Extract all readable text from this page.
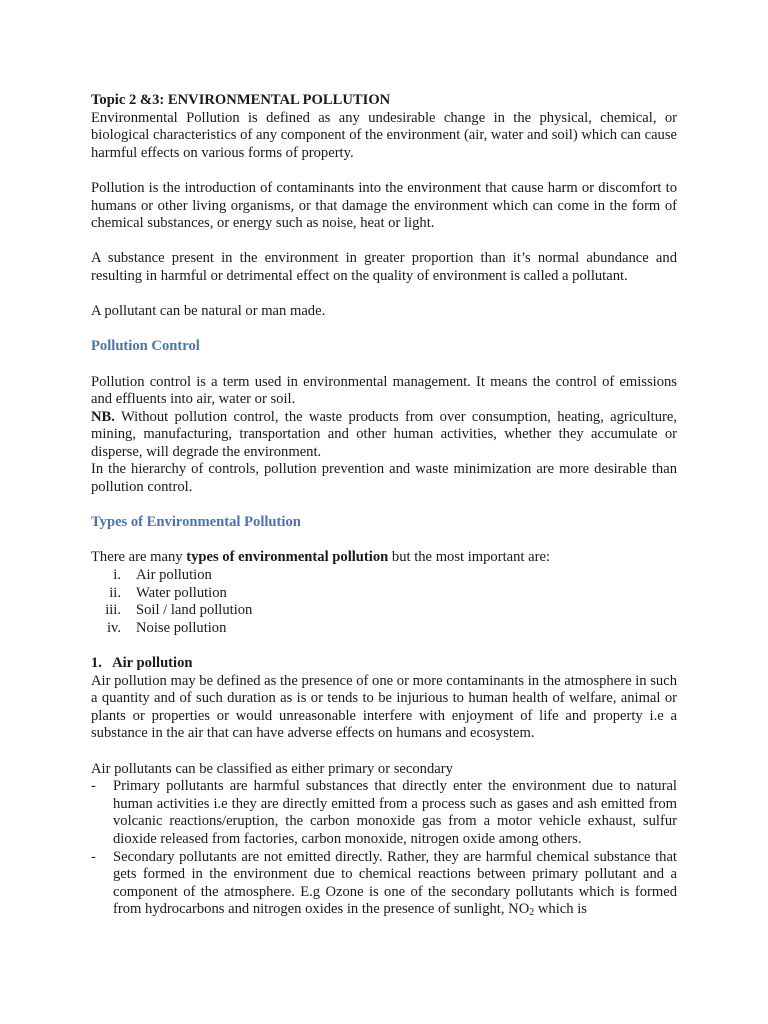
Topic 2 &3: ENVIRONMENTAL POLLUTION

Environmental Pollution is defined as any undesirable change in the physical, chemical, or biological characteristics of any component of the environment (air, water and soil) which can cause harmful effects on various forms of property.

Pollution is the introduction of contaminants into the environment that cause harm or discomfort to humans or other living organisms, or that damage the environment which can come in the form of chemical substances, or energy such as noise, heat or light.

A substance present in the environment in greater proportion than it’s normal abundance and resulting in harmful or detrimental effect on the quality of environment is called a pollutant.

A pollutant can be natural or man made.

Pollution Control

Pollution control is a term used in environmental management. It means the control of emissions and effluents into air, water or soil.

NB. Without pollution control, the waste products from over consumption, heating, agriculture, mining, manufacturing, transportation and other human activities, whether they accumulate or disperse, will degrade the environment.

In the hierarchy of controls, pollution prevention and waste minimization are more desirable than pollution control.

Types of Environmental Pollution

There are many types of environmental pollution but the most important are:

i.	Air pollution
ii.	Water pollution
iii.	Soil / land pollution
iv.	Noise pollution

1.   Air pollution

Air pollution may be defined as the presence of one or more contaminants in the atmosphere in such a quantity and of such duration as is or tends to be injurious to human health of welfare, animal or plants or properties or would unreasonable interfere with enjoyment of life and property i.e a substance in the air that can have adverse effects on humans and ecosystem.

Air pollutants can be classified as either primary or secondary

-	Primary pollutants are harmful substances that directly enter the environment due to natural human activities i.e they are directly emitted from a process such as gases and ash emitted from volcanic reactions/eruption, the carbon monoxide gas from a motor vehicle exhaust, sulfur dioxide released from factories, carbon monoxide, nitrogen oxide among others.
-	Secondary pollutants are not emitted directly. Rather, they are harmful chemical substance that gets formed in the environment due to chemical reactions between primary pollutant and a component of the atmosphere. E.g Ozone is one of the secondary pollutants which is formed from hydrocarbons and nitrogen oxides in the presence of sunlight, $NO_2$ which is
